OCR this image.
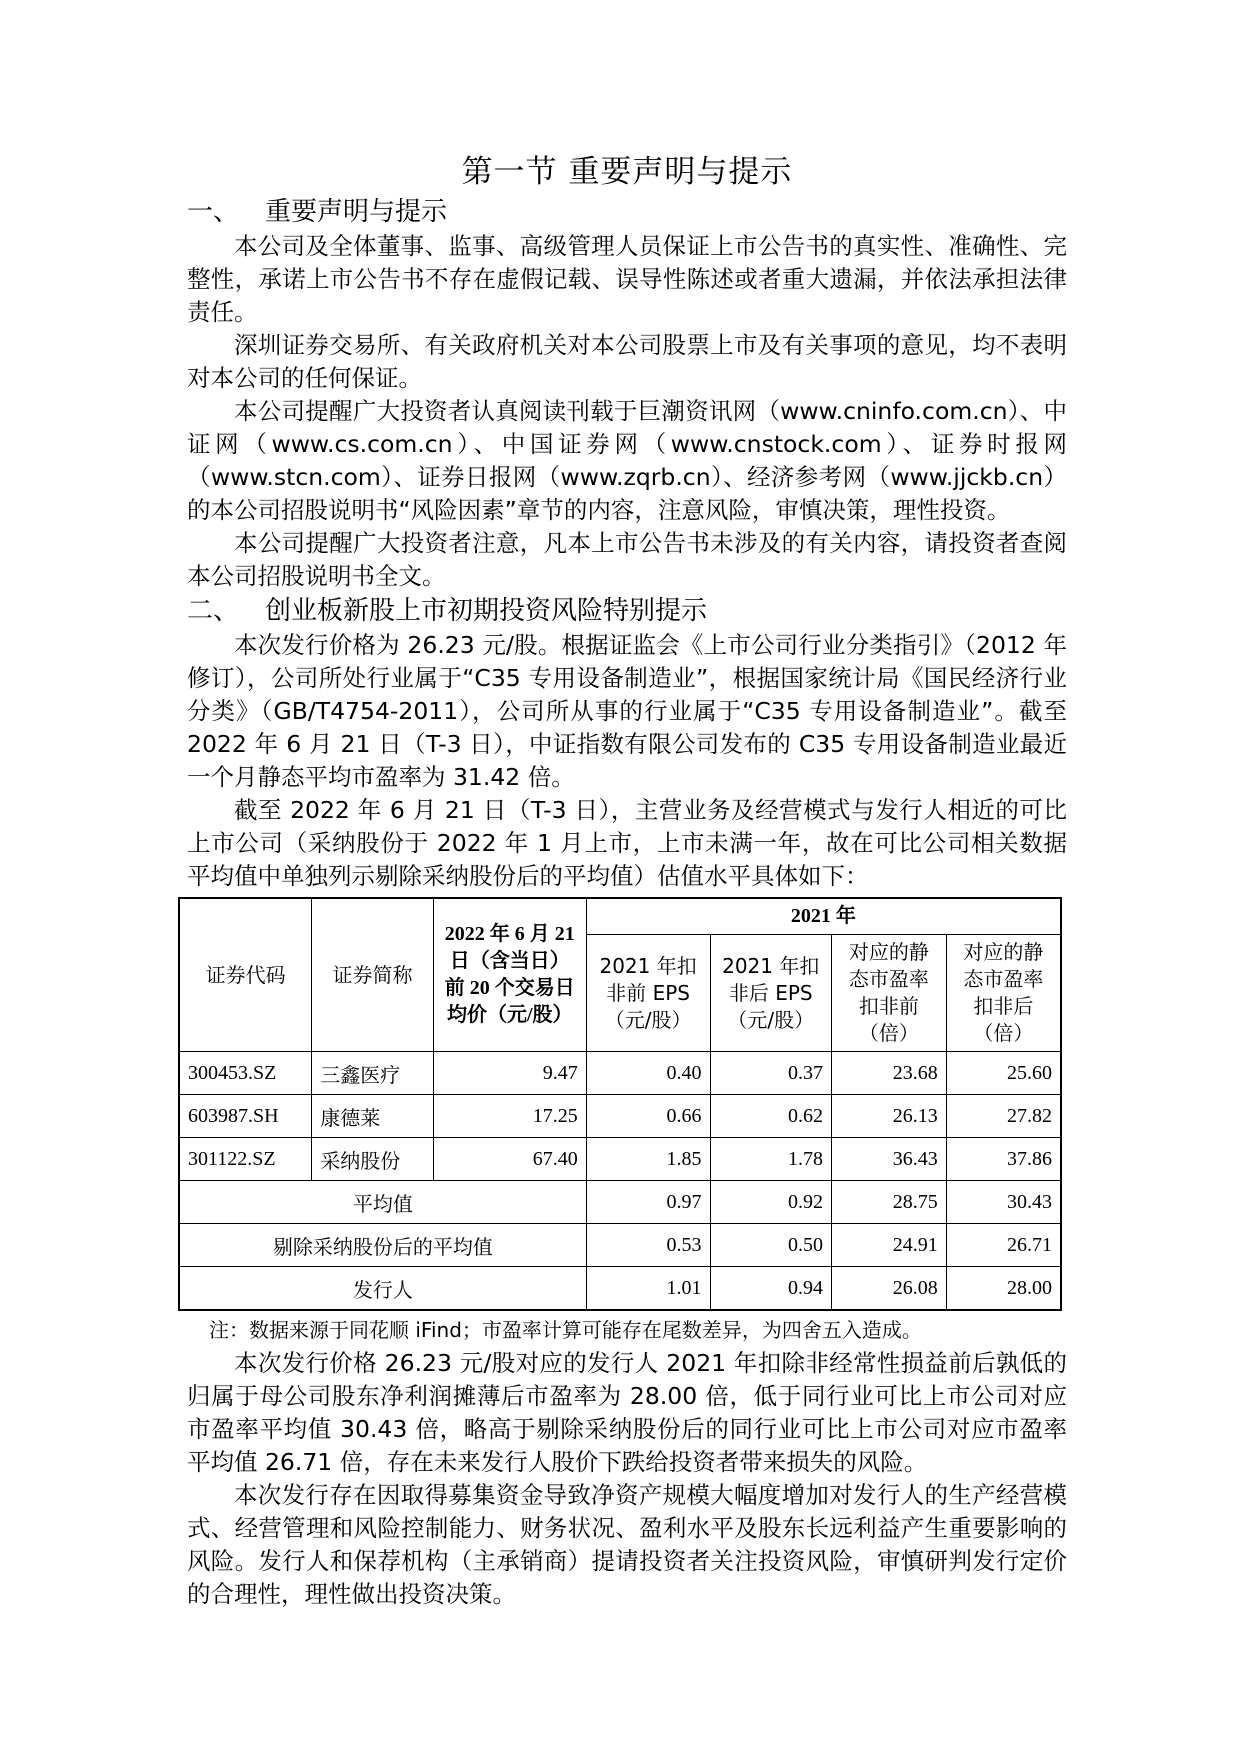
第一节 重要声明与提示
一、 重要声明与提示

本公司及全体董事、监事、高级管理人员保证上市公告书的真实性、准确性、完整性，承诺上市公告书不存在虚假记载、误导性陈述或者重大遗漏，并依法承担法律责任。

深圳证券交易所、有关政府机关对本公司股票上市及有关事项的意见，均不表明对本公司的任何保证。

本公司提醒广大投资者认真阅读刊载于巨潮资讯网（www.cninfo.com.cn）、中证网（www.cs.com.cn）、中国证券网（www.cnstock.com）、证券时报网（www.stcn.com）、证券日报网（www.zqrb.cn）、经济参考网（www.jjckb.cn）的本公司招股说明书“风险因素”章节的内容，注意风险，审慎决策，理性投资。

本公司提醒广大投资者注意，凡本上市公告书未涉及的有关内容，请投资者查阅本公司招股说明书全文。

二、 创业板新股上市初期投资风险特别提示

本次发行价格为 26.23 元/股。根据证监会《上市公司行业分类指引》（2012 年修订），公司所处行业属于“C35 专用设备制造业”，根据国家统计局《国民经济行业分类》（GB/T4754-2011），公司所从事的行业属于“C35 专用设备制造业”。截至 2022 年 6 月 21 日（T-3 日），中证指数有限公司发布的 C35 专用设备制造业最近一个月静态平均市盈率为 31.42 倍。

截至 2022 年 6 月 21 日（T-3 日），主营业务及经营模式与发行人相近的可比上市公司（采纳股份于 2022 年 1 月上市，上市未满一年，故在可比公司相关数据平均值中单独列示剔除采纳股份后的平均值）估值水平具体如下：

证券代码	证券简称	2022 年 6 月 21 日（含当日）前 20 个交易日均价（元/股）	2021 年			
			2021 年扣非前 EPS（元/股）	2021 年扣非后 EPS（元/股）	对应的静态市盈率扣非前（倍）	对应的静态市盈率扣非后（倍）
300453.SZ	三鑫医疗	9.47	0.40	0.37	23.68	25.60
603987.SH	康德莱	17.25	0.66	0.62	26.13	27.82
301122.SZ	采纳股份	67.40	1.85	1.78	36.43	37.86
平均值			0.97	0.92	28.75	30.43
剔除采纳股份后的平均值			0.53	0.50	24.91	26.71
发行人			1.01	0.94	26.08	28.00
注：数据来源于同花顺 iFind；市盈率计算可能存在尾数差异，为四舍五入造成。

本次发行价格 26.23 元/股对应的发行人 2021 年扣除非经常性损益前后孰低的归属于母公司股东净利润摊薄后市盈率为 28.00 倍，低于同行业可比上市公司对应市盈率平均值 30.43 倍，略高于剔除采纳股份后的同行业可比上市公司对应市盈率平均值 26.71 倍，存在未来发行人股价下跌给投资者带来损失的风险。

本次发行存在因取得募集资金导致净资产规模大幅度增加对发行人的生产经营模式、经营管理和风险控制能力、财务状况、盈利水平及股东长远利益产生重要影响的风险。发行人和保荐机构（主承销商）提请投资者关注投资风险，审慎研判发行定价的合理性，理性做出投资决策。
